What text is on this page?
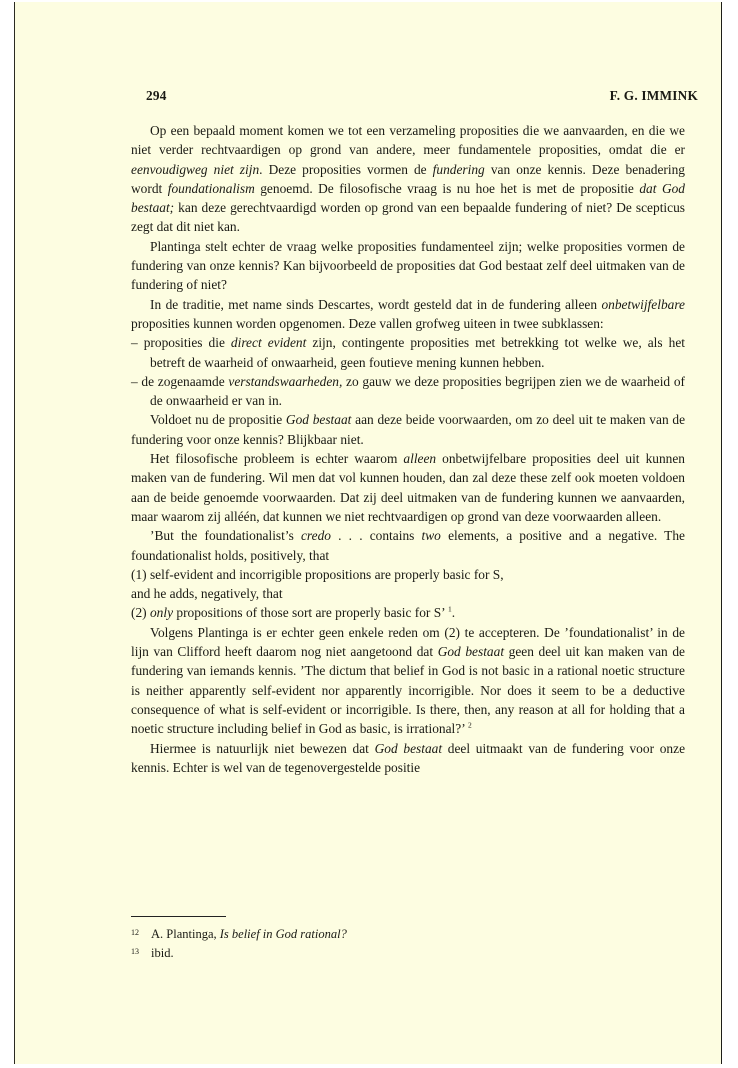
294	F. G. IMMINK

Op een bepaald moment komen we tot een verzameling proposities die we aanvaarden, en die we niet verder rechtvaardigen op grond van andere, meer fundamentele proposities, omdat die er eenvoudigweg niet zijn. Deze proposities vormen de fundering van onze kennis. Deze benadering wordt foundationalism genoemd. De filosofische vraag is nu hoe het is met de propositie dat God bestaat; kan deze gerechtvaardigd worden op grond van een bepaalde fundering of niet? De scepticus zegt dat dit niet kan.

Plantinga stelt echter de vraag welke proposities fundamenteel zijn; welke proposities vormen de fundering van onze kennis? Kan bijvoorbeeld de proposities dat God bestaat zelf deel uitmaken van de fundering of niet?

In de traditie, met name sinds Descartes, wordt gesteld dat in de fundering alleen onbetwijfelbare proposities kunnen worden opgenomen. Deze vallen grofweg uiteen in twee subklassen:

– proposities die direct evident zijn, contingente proposities met betrekking tot welke we, als het betreft de waarheid of onwaarheid, geen foutieve mening kunnen hebben.

– de zogenaamde verstandswaarheden, zo gauw we deze proposities begrijpen zien we de waarheid of de onwaarheid er van in.

Voldoet nu de propositie God bestaat aan deze beide voorwaarden, om zo deel uit te maken van de fundering voor onze kennis? Blijkbaar niet.

Het filosofische probleem is echter waarom alleen onbetwijfelbare proposities deel uit kunnen maken van de fundering. Wil men dat vol kunnen houden, dan zal deze these zelf ook moeten voldoen aan de beide genoemde voorwaarden. Dat zij deel uitmaken van de fundering kunnen we aanvaarden, maar waarom zij alléén, dat kunnen we niet rechtvaardigen op grond van deze voorwaarden alleen.

’But the foundationalist’s credo . . . contains two elements, a positive and a negative. The foundationalist holds, positively, that

(1) self-evident and incorrigible propositions are properly basic for S,

and he adds, negatively, that

(2) only propositions of those sort are properly basic for S’ $^1$.

Volgens Plantinga is er echter geen enkele reden om (2) te accepteren. De ’foundationalist’ in de lijn van Clifford heeft daarom nog niet aangetoond dat God bestaat geen deel uit kan maken van de fundering van iemands kennis. ’The dictum that belief in God is not basic in a rational noetic structure is neither apparently self-evident nor apparently incorrigible. Nor does it seem to be a deductive consequence of what is self-evident or incorrigible. Is there, then, any reason at all for holding that a noetic structure including belief in God as basic, is irrational?’ $^2$

Hiermee is natuurlijk niet bewezen dat God bestaat deel uitmaakt van de fundering voor onze kennis. Echter is wel van de tegenovergestelde positie

12 A. Plantinga, Is belief in God rational?
13 ibid.
